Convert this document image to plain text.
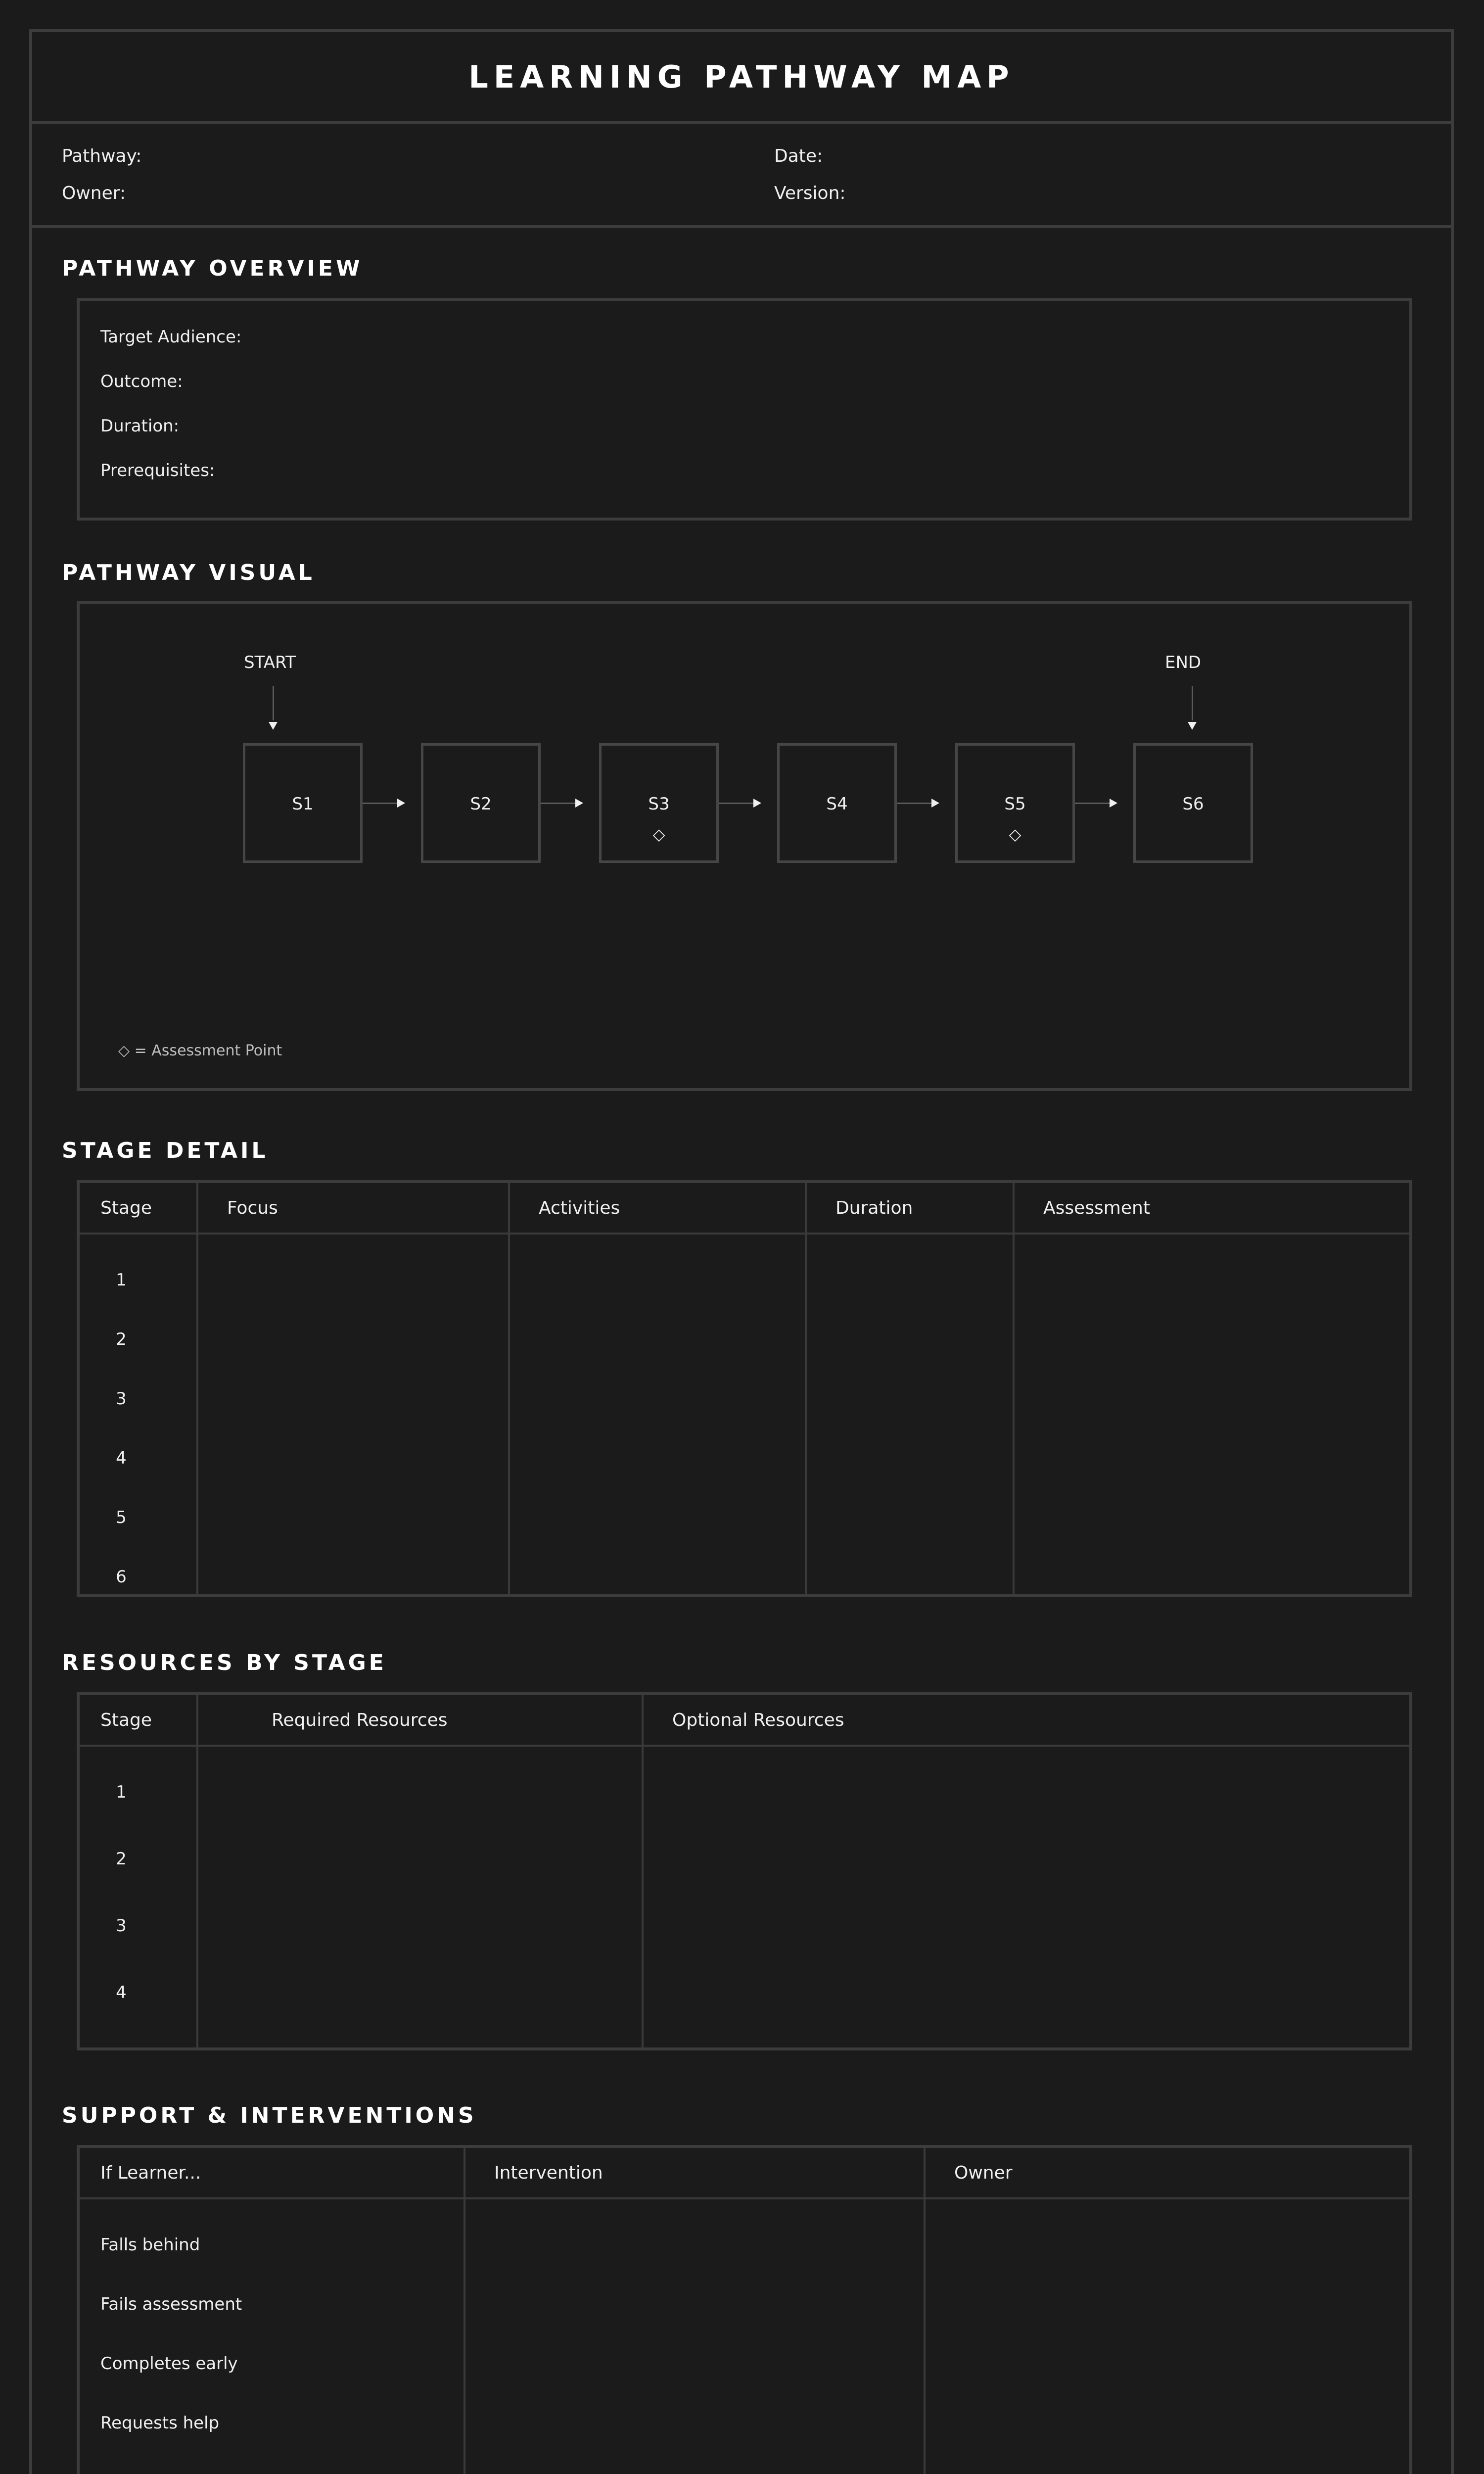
LEARNING PATHWAY MAP
Pathway:	Date:
Owner:	Version:
PATHWAY OVERVIEW
Target Audience:
Outcome:
Duration:
Prerequisites:
PATHWAY VISUAL
START	END
S1	S2	S3
◇
S4	S5
◇
S6
◇ = Assessment Point
STAGE DETAIL
Stage	Focus	Activities	Duration	Assessment
1
2
3
4
5
6
RESOURCES BY STAGE
Stage	Required Resources	Optional Resources
1
2
3
4
SUPPORT & INTERVENTIONS
If Learner...	Intervention	Owner
Falls behind
Fails assessment
Completes early
Requests help
